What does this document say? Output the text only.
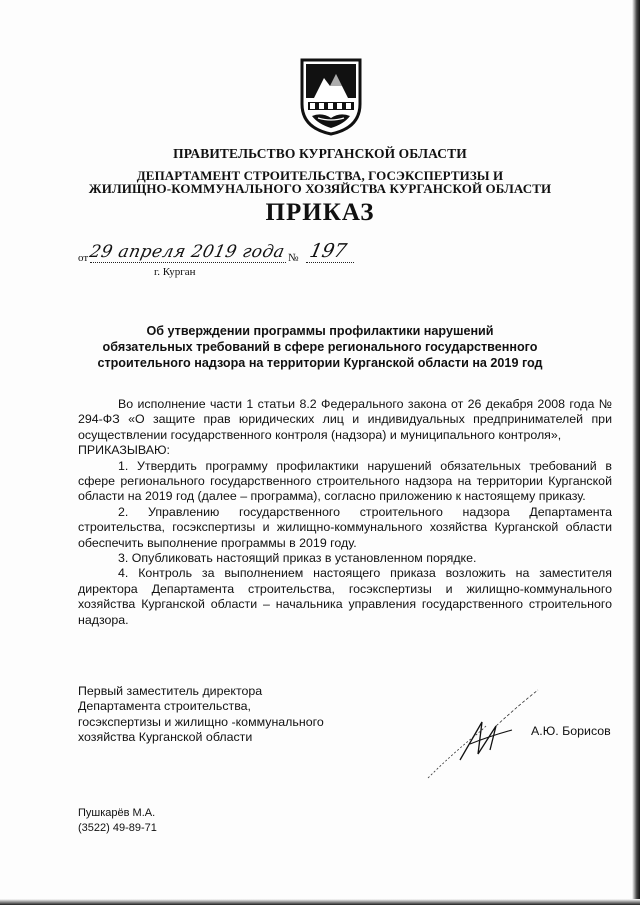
ПРАВИТЕЛЬСТВО КУРГАНСКОЙ ОБЛАСТИ
ДЕПАРТАМЕНТ СТРОИТЕЛЬСТВА, ГОСЭКСПЕРТИЗЫ И
ЖИЛИЩНО-КОММУНАЛЬНОГО ХОЗЯЙСТВА КУРГАНСКОЙ ОБЛАСТИ
ПРИКАЗ
от 29 апреля 2019 года № 197
г. Курган
Об утверждении программы профилактики нарушений
обязательных требований в сфере регионального государственного
строительного надзора на территории Курганской области на 2019 год

Во исполнение части 1 статьи 8.2 Федерального закона от 26 декабря 2008 года № 294-ФЗ «О защите прав юридических лиц и индивидуальных предпринимателей при осуществлении государственного контроля (надзора) и муниципального контроля»,

ПРИКАЗЫВАЮ:

1. Утвердить программу профилактики нарушений обязательных требований в сфере регионального государственного строительного надзора на территории Курганской области на 2019 год (далее – программа), согласно приложению к настоящему приказу.

2. Управлению государственного строительного надзора Департамента строительства, госэкспертизы и жилищно-коммунального хозяйства Курганской области обеспечить выполнение программы в 2019 году.

3. Опубликовать настоящий приказ в установленном порядке.

4. Контроль за выполнением настоящего приказа возложить на заместителя директора Департамента строительства, госэкспертизы и жилищно-коммунального хозяйства Курганской области – начальника управления государственного строительного надзора.

Первый заместитель директора
Департамента строительства,
госэкспертизы и жилищно -коммунального
хозяйства Курганской области	А.Ю. Борисов
Пушкарёв М.А.
(3522) 49-89-71
